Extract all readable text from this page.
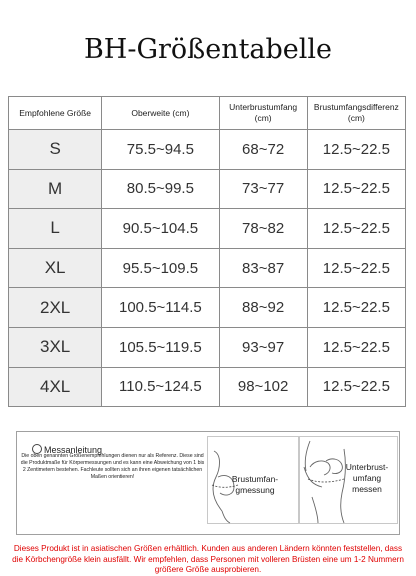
BH-Größentabelle
Empfohlene Größe	Oberweite (cm)	Unterbrustumfang (cm)	Brustumfangsdifferenz (cm)
S	75.5~94.5	68~72	12.5~22.5
M	80.5~99.5	73~77	12.5~22.5
L	90.5~104.5	78~82	12.5~22.5
XL	95.5~109.5	83~87	12.5~22.5
2XL	100.5~114.5	88~92	12.5~22.5
3XL	105.5~119.5	93~97	12.5~22.5
4XL	110.5~124.5	98~102	12.5~22.5
Messanleitung
Die oben genannten Größenempfehlungen dienen nur als Referenz. Diese sind die Produktmaße für Körpermessungen und es kann eine Abweichung von 1 bis 2 Zentimetern bestehen. Fachleute sollten sich an ihren eigenen tatsächlichen Maßen orientieren!	Brustumfan-
gmessung
Unterbrust-
umfang
messen
Dieses Produkt ist in asiatischen Größen erhältlich. Kunden aus anderen Ländern könnten feststellen, dass die Körbchengröße klein ausfällt. Wir empfehlen, dass Personen mit volleren Brüsten eine um 1-2 Nummern größere Größe ausprobieren.
